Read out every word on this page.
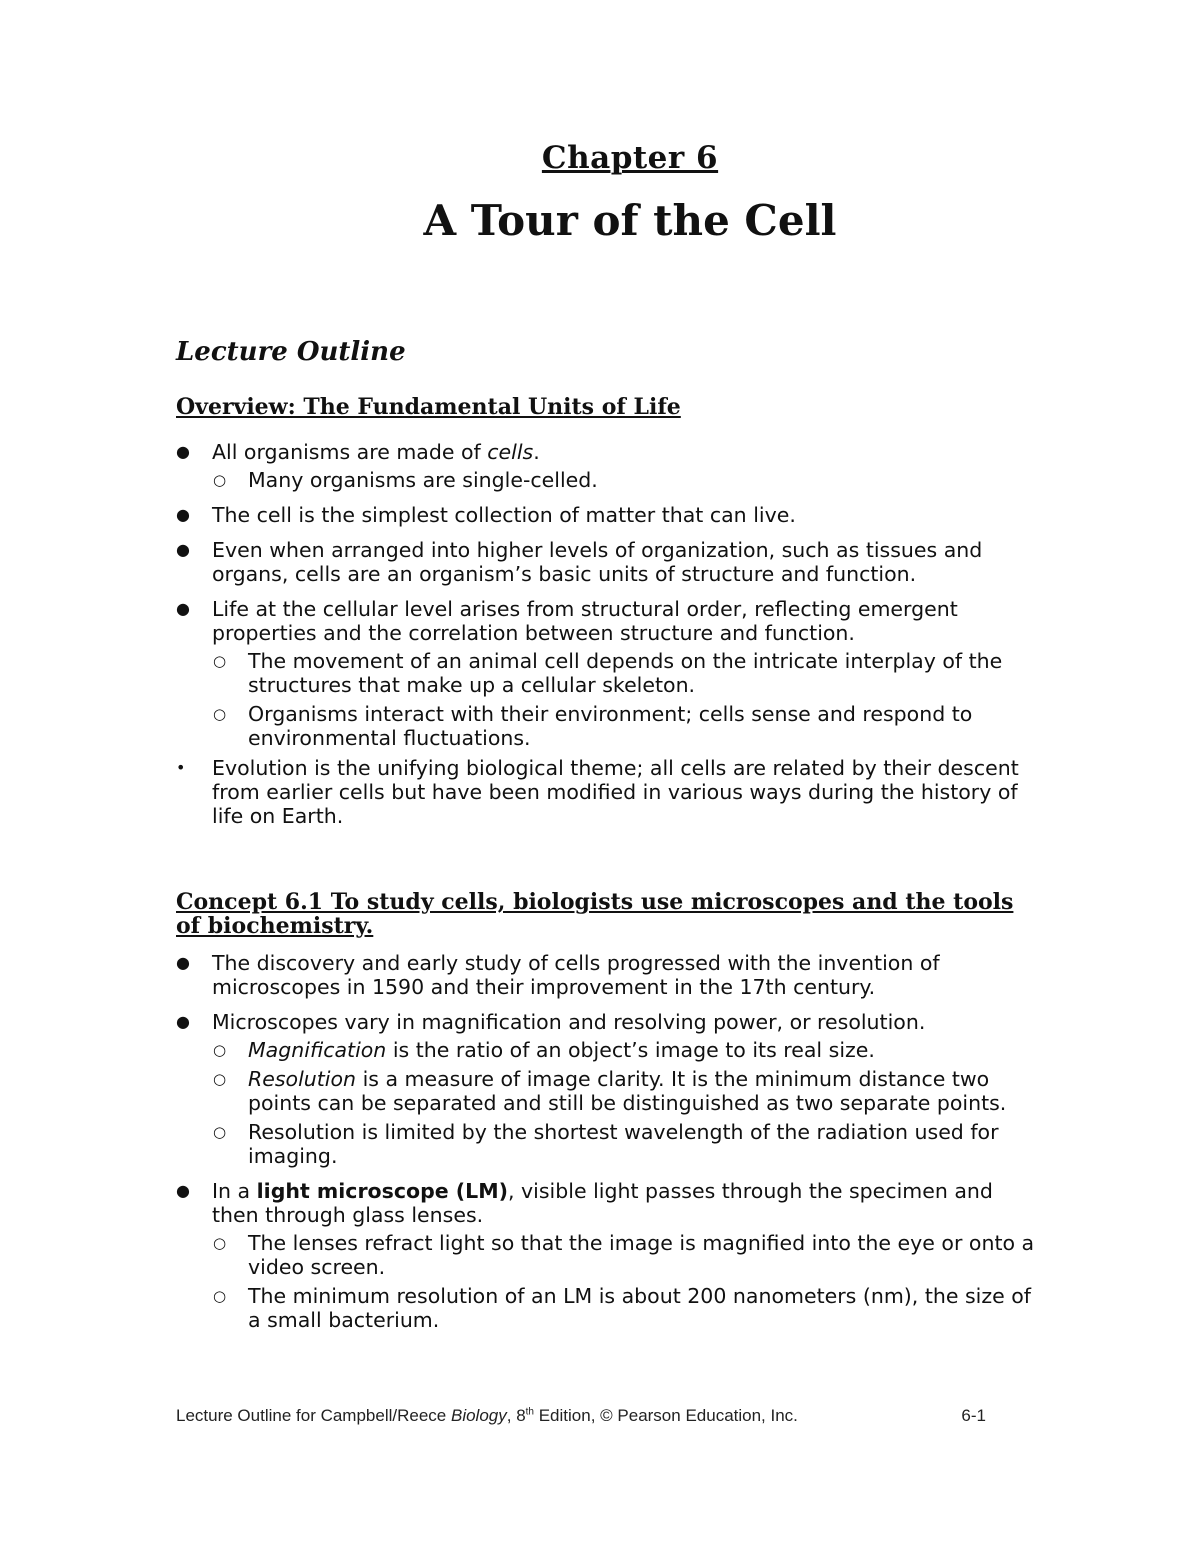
Chapter 6
A Tour of the Cell
Lecture Outline
Overview: The Fundamental Units of Life
● All organisms are made of cells.
○ Many organisms are single-celled.
● The cell is the simplest collection of matter that can live.
● Even when arranged into higher levels of organization, such as tissues and organs, cells are an organism’s basic units of structure and function.
● Life at the cellular level arises from structural order, reflecting emergent properties and the correlation between structure and function.
○ The movement of an animal cell depends on the intricate interplay of the structures that make up a cellular skeleton.
○ Organisms interact with their environment; cells sense and respond to environmental fluctuations.
• Evolution is the unifying biological theme; all cells are related by their descent from earlier cells but have been modified in various ways during the history of life on Earth.
Concept 6.1 To study cells, biologists use microscopes and the tools of biochemistry.
● The discovery and early study of cells progressed with the invention of microscopes in 1590 and their improvement in the 17th century.
● Microscopes vary in magnification and resolving power, or resolution.
○ Magnification is the ratio of an object’s image to its real size.
○ Resolution is a measure of image clarity. It is the minimum distance two points can be separated and still be distinguished as two separate points.
○ Resolution is limited by the shortest wavelength of the radiation used for imaging.
● In a light microscope (LM), visible light passes through the specimen and then through glass lenses.
○ The lenses refract light so that the image is magnified into the eye or onto a video screen.
○ The minimum resolution of an LM is about 200 nanometers (nm), the size of a small bacterium.
Lecture Outline for Campbell/Reece Biology, 8th Edition, © Pearson Education, Inc.	6-1
